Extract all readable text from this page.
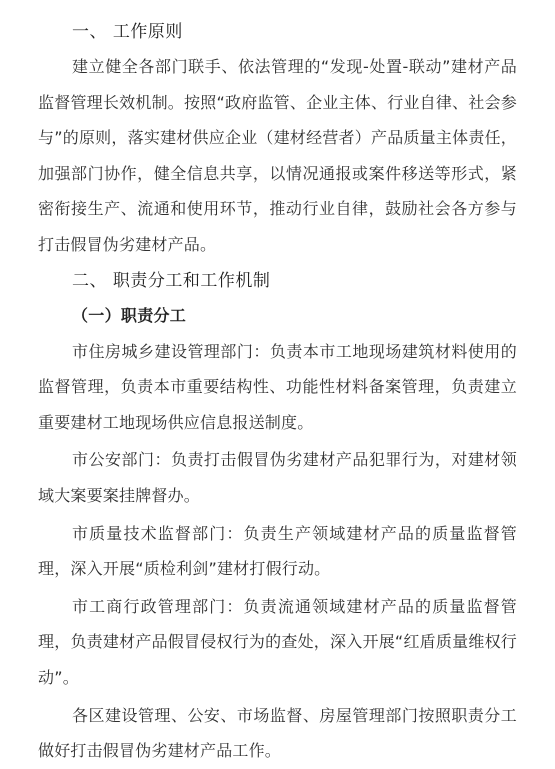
一、 工作原则

建立健全各部门联手、依法管理的“发现-处置-联动”建材产品监督管理长效机制。按照“政府监管、企业主体、行业自律、社会参与”的原则，落实建材供应企业（建材经营者）产品质量主体责任，加强部门协作，健全信息共享，以情况通报或案件移送等形式，紧密衔接生产、流通和使用环节，推动行业自律，鼓励社会各方参与打击假冒伪劣建材产品。

二、 职责分工和工作机制
（一）职责分工

市住房城乡建设管理部门：负责本市工地现场建筑材料使用的监督管理，负责本市重要结构性、功能性材料备案管理，负责建立重要建材工地现场供应信息报送制度。

市公安部门：负责打击假冒伪劣建材产品犯罪行为，对建材领域大案要案挂牌督办。

市质量技术监督部门：负责生产领域建材产品的质量监督管理，深入开展“质检利剑”建材打假行动。

市工商行政管理部门：负责流通领域建材产品的质量监督管理，负责建材产品假冒侵权行为的查处，深入开展“红盾质量维权行动”。

各区建设管理、公安、市场监督、房屋管理部门按照职责分工做好打击假冒伪劣建材产品工作。
